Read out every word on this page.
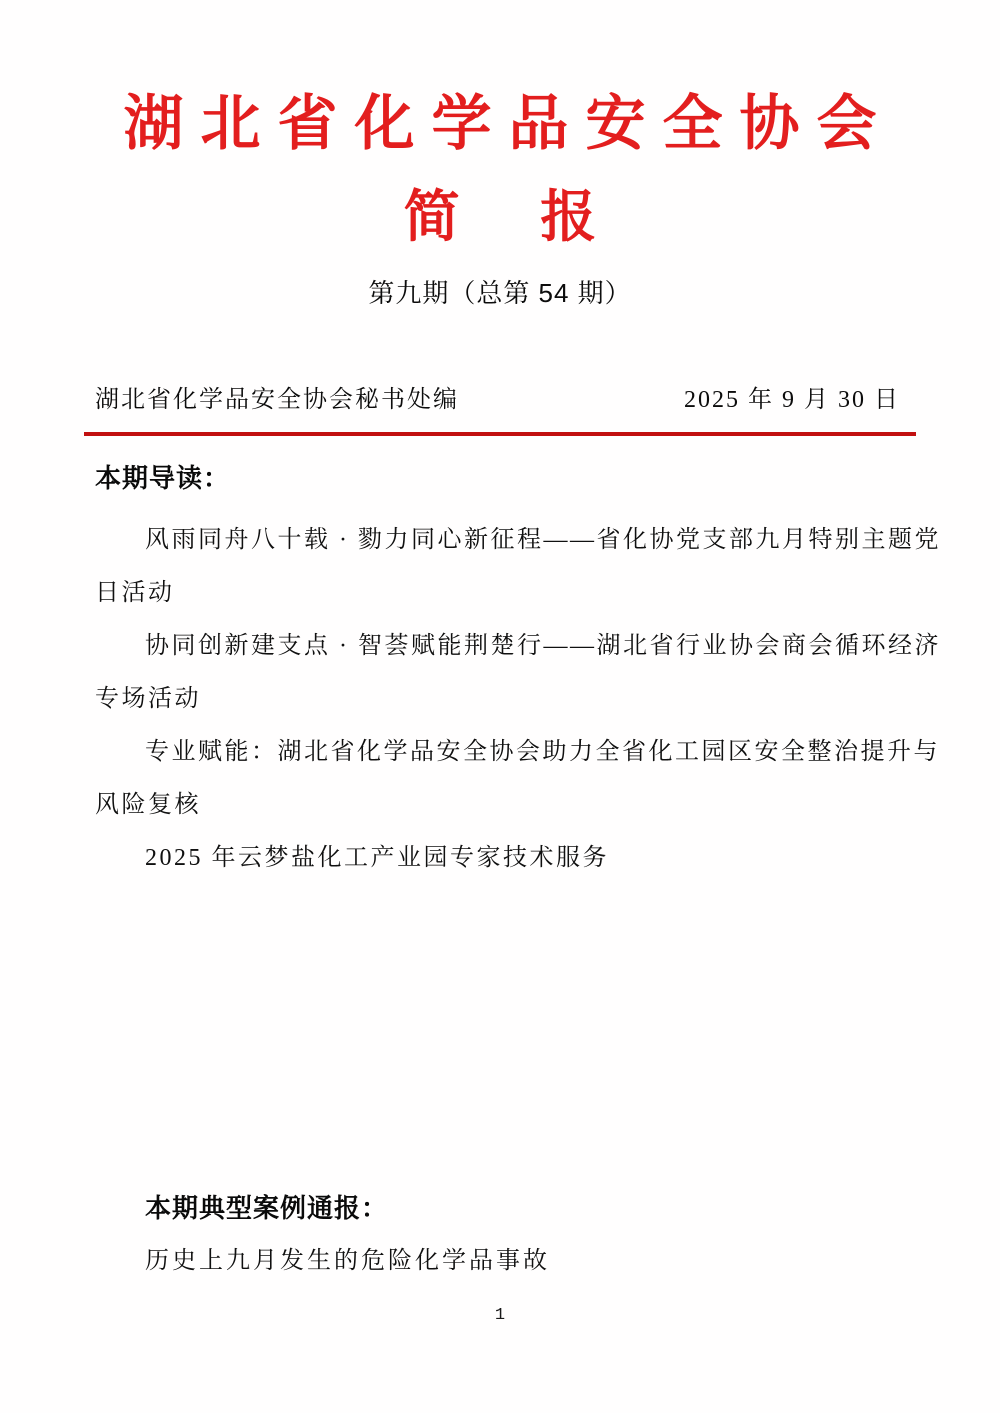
湖北省化学品安全协会
简　报
第九期（总第 54 期）
湖北省化学品安全协会秘书处编	2025 年 9 月 30 日
本期导读：
风雨同舟八十载 · 勠力同心新征程——省化协党支部九月特别主题党
日活动
协同创新建支点 · 智荟赋能荆楚行——湖北省行业协会商会循环经济
专场活动
专业赋能：湖北省化学品安全协会助力全省化工园区安全整治提升与
风险复核
2025 年云梦盐化工产业园专家技术服务
本期典型案例通报：
历史上九月发生的危险化学品事故
1
